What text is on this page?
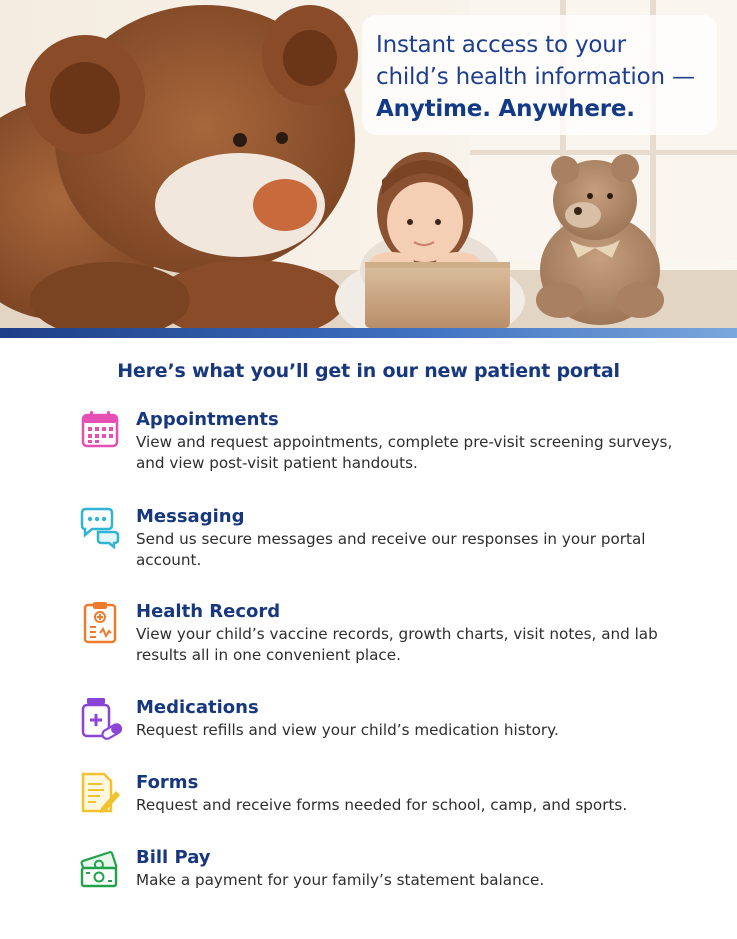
Instant access to your
child’s health information —
Anytime. Anywhere.
Here’s what you’ll get in our new patient portal
Appointments
View and request appointments, complete pre-visit screening surveys, and view post-visit patient handouts.
Messaging
Send us secure messages and receive our responses in your portal account.
Health Record
View your child’s vaccine records, growth charts, visit notes, and lab results all in one convenient place.
Medications
Request refills and view your child’s medication history.
Forms
Request and receive forms needed for school, camp, and sports.
Bill Pay
Make a payment for your family’s statement balance.
